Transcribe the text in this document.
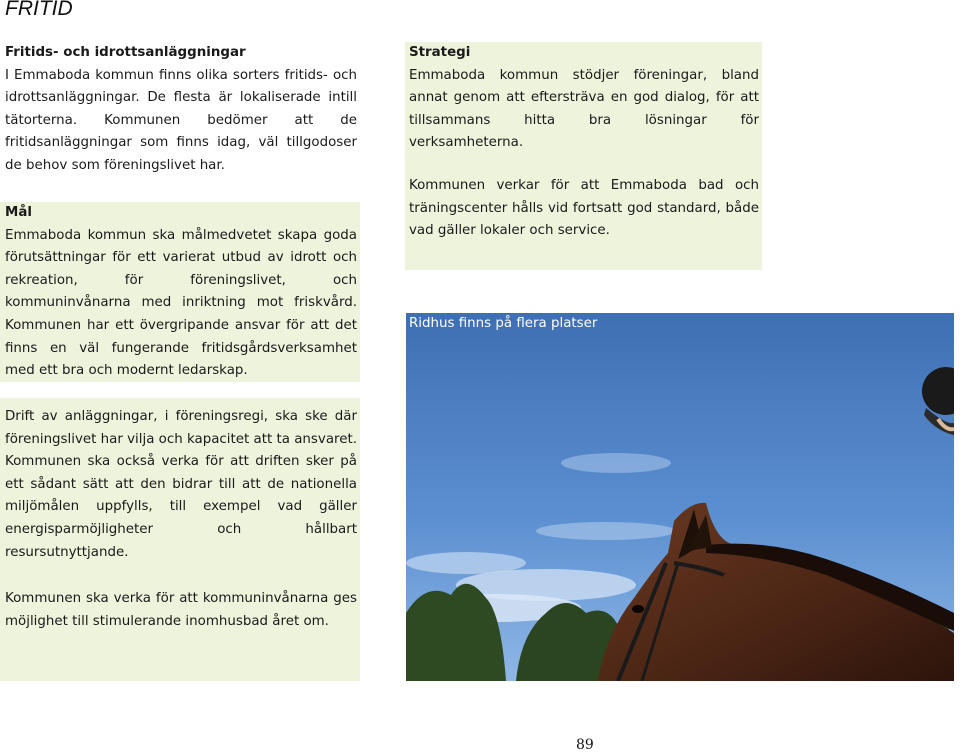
FRITID

Fritids- och idrottsanläggningar

I Emmaboda kommun finns olika sorters fritids- och idrottsanläggningar. De flesta är lokaliserade intill tätorterna. Kommunen bedömer att de fritidsanläggningar som finns idag, väl tillgodoser de behov som föreningslivet har.

Mål

Emmaboda kommun ska målmedvetet skapa goda förutsättningar för ett varierat utbud av idrott och rekreation, för föreningslivet, och kommuninvånarna med inriktning mot friskvård. Kommunen har ett övergripande ansvar för att det finns en väl fungerande fritidsgårdsverksamhet med ett bra och modernt ledarskap.

Drift av anläggningar, i föreningsregi, ska ske där föreningslivet har vilja och kapacitet att ta ansvaret. Kommunen ska också verka för att driften sker på ett sådant sätt att den bidrar till att de nationella miljömålen uppfylls, till exempel vad gäller energisparmöjligheter och hållbart resursutnyttjande.

Kommunen ska verka för att kommuninvånarna ges möjlighet till stimulerande inomhusbad året om.

Strategi

Emmaboda kommun stödjer föreningar, bland annat genom att eftersträva en god dialog, för att tillsammans hitta bra lösningar för verksamheterna.

Kommunen verkar för att Emmaboda bad och träningscenter hålls vid fortsatt god standard, både vad gäller lokaler och service.

Ridhus finns på flera platser
89
